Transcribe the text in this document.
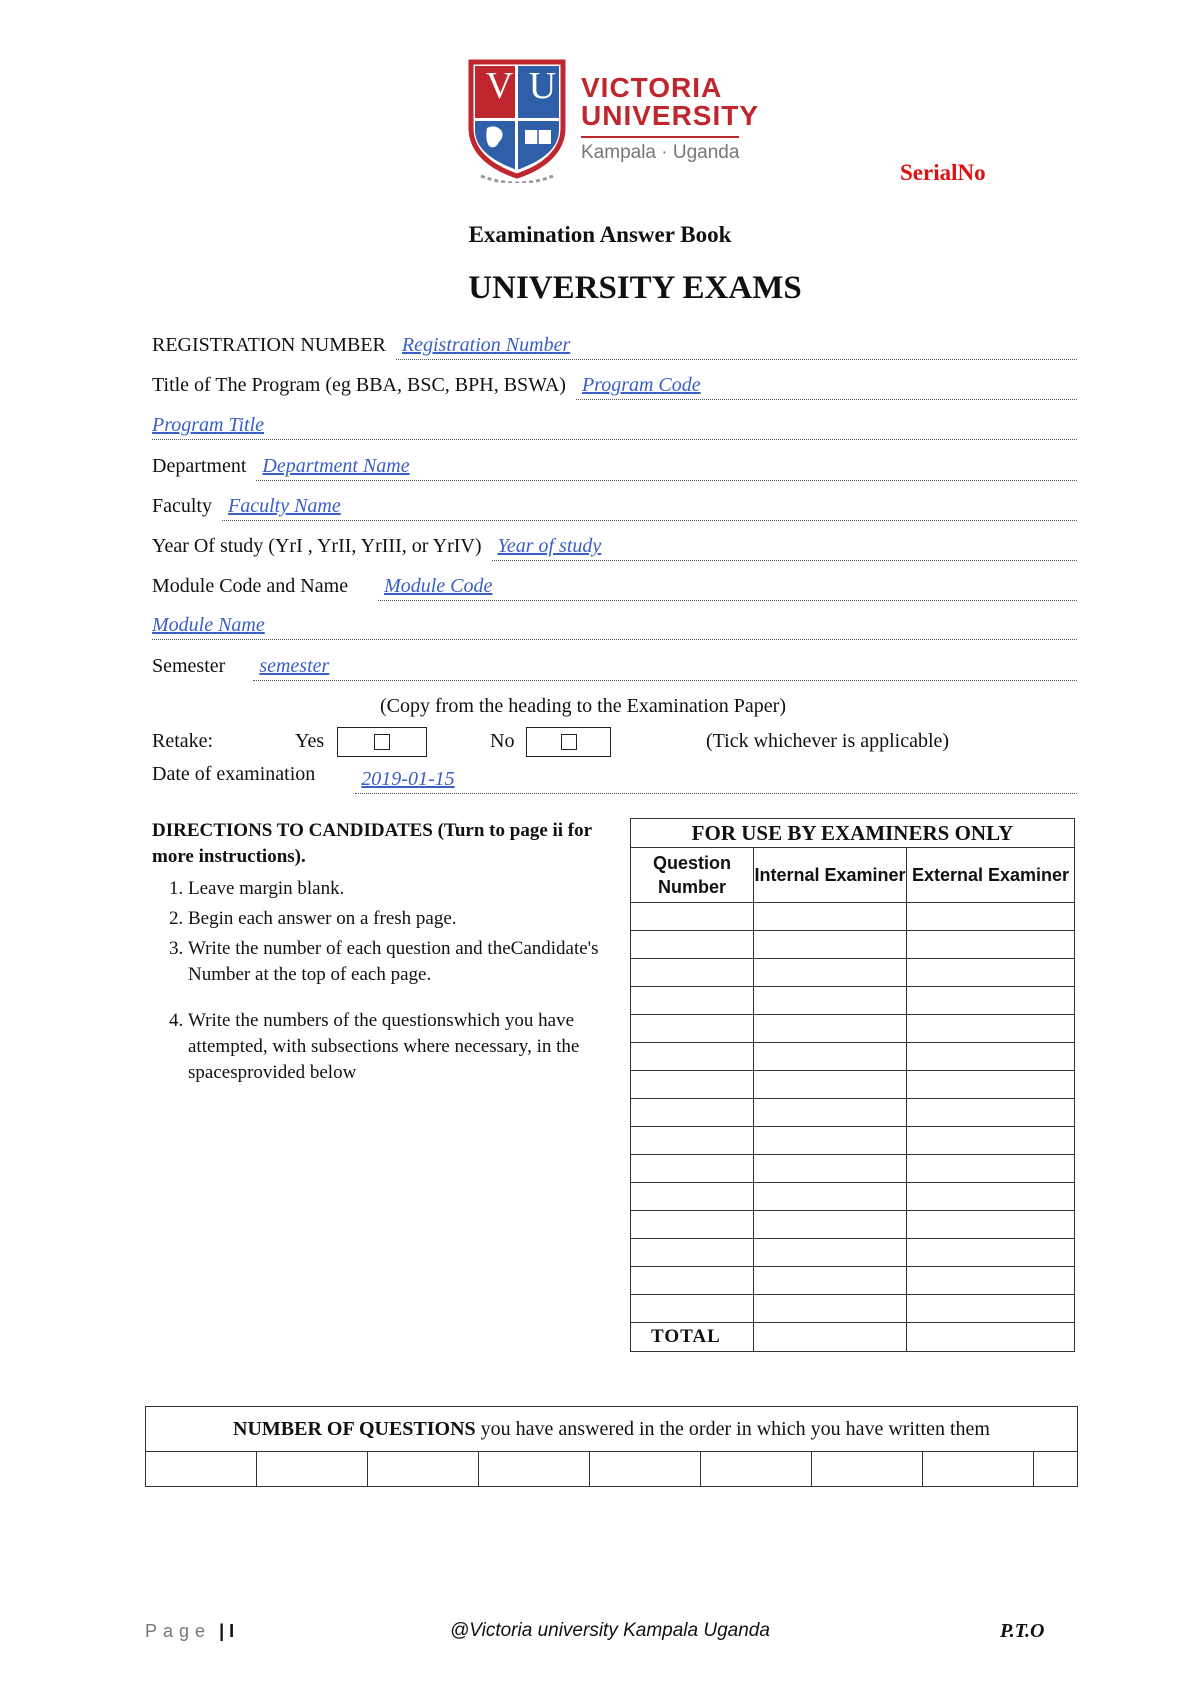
V U VICTORIA
UNIVERSITY
Kampala · Uganda
SerialNo
Examination Answer Book
UNIVERSITY EXAMS
REGISTRATION NUMBER Registration Number
Title of The Program (eg BBA, BSC, BPH, BSWA) Program Code
Program Title
Department Department Name
Faculty Faculty Name
Year Of study (YrI , YrII, YrIII, or YrIV) Year of study
Module Code and Name	Module Code
Module Name
Semester	semester
(Copy from the heading to the Examination Paper)
Retake:	Yes	No	(Tick whichever is applicable)
Date of examination	2019-01-15
DIRECTIONS TO CANDIDATES (Turn to page ii for more instructions).
1. Leave margin blank.
2. Begin each answer on a fresh page.
3. Write the number of each question and theCandidate's Number at the top of each page.
4. Write the numbers of the questionswhich you have attempted, with subsections where necessary, in the spacesprovided below
FOR USE BY EXAMINERS ONLY		
Question Number	Internal Examiner	External Examiner

TOTAL		
NUMBER OF QUESTIONS you have answered in the order in which you have written them

Page | I	@Victoria university Kampala Uganda	P.T.O
